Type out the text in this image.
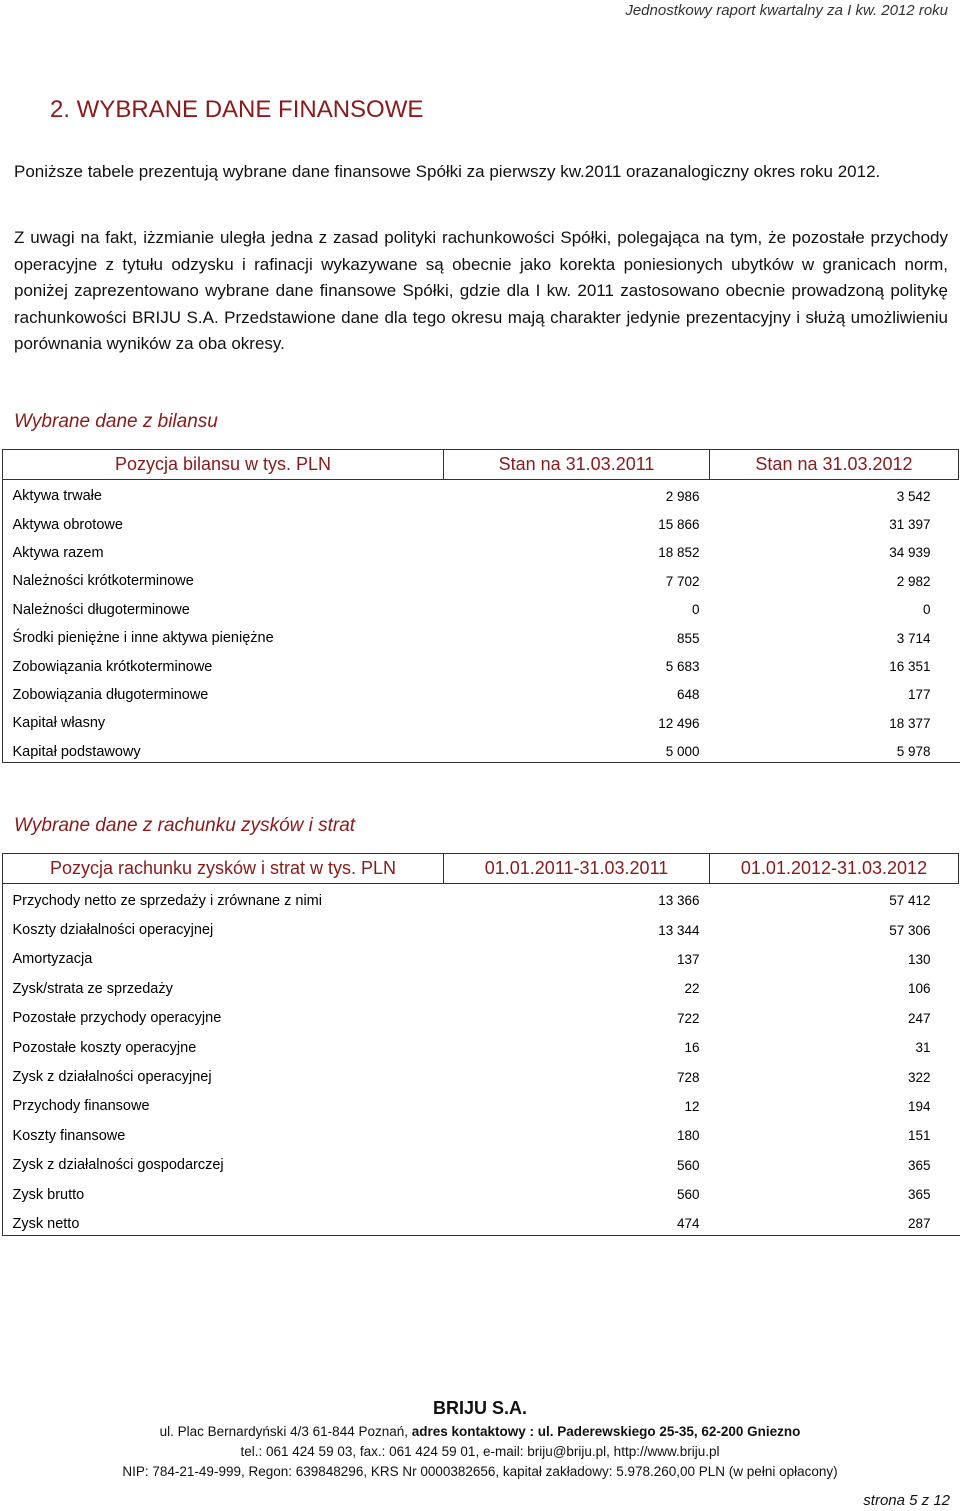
Jednostkowy raport kwartalny za I kw. 2012 roku
2. WYBRANE DANE FINANSOWE
Poniższe tabele prezentują wybrane dane finansowe Spółki za pierwszy kw.2011 orazanalogiczny okres roku 2012.
Z uwagi na fakt, iżzmianie uległa jedna z zasad polityki rachunkowości Spółki, polegająca na tym, że pozostałe przychody operacyjne z tytułu odzysku i rafinacji wykazywane są obecnie jako korekta poniesionych ubytków w granicach norm, poniżej zaprezentowano wybrane dane finansowe Spółki, gdzie dla I kw. 2011 zastosowano obecnie prowadzoną politykę rachunkowości BRIJU S.A. Przedstawione dane dla tego okresu mają charakter jedynie prezentacyjny i służą umożliwieniu porównania wyników za oba okresy.
Wybrane dane z bilansu
Pozycja bilansu w tys. PLN	Stan na 31.03.2011	Stan na 31.03.2012
Aktywa trwałe	2 986	3 542
Aktywa obrotowe	15 866	31 397
Aktywa razem	18 852	34 939
Należności krótkoterminowe	7 702	2 982
Należności długoterminowe	0	0
Środki pieniężne i inne aktywa pieniężne	855	3 714
Zobowiązania krótkoterminowe	5 683	16 351
Zobowiązania długoterminowe	648	177
Kapitał własny	12 496	18 377
Kapitał podstawowy	5 000	5 978
Wybrane dane z rachunku zysków i strat
Pozycja rachunku zysków i strat w tys. PLN	01.01.2011-31.03.2011	01.01.2012-31.03.2012
Przychody netto ze sprzedaży i zrównane z nimi	13 366	57 412
Koszty działalności operacyjnej	13 344	57 306
Amortyzacja	137	130
Zysk/strata ze sprzedaży	22	106
Pozostałe przychody operacyjne	722	247
Pozostałe koszty operacyjne	16	31
Zysk z działalności operacyjnej	728	322
Przychody finansowe	12	194
Koszty finansowe	180	151
Zysk z działalności gospodarczej	560	365
Zysk brutto	560	365
Zysk netto	474	287
BRIJU S.A.
ul. Plac Bernardyński 4/3 61-844 Poznań, adres kontaktowy : ul. Paderewskiego 25-35, 62-200 Gniezno
tel.: 061 424 59 03, fax.: 061 424 59 01, e-mail: briju@briju.pl, http://www.briju.pl
NIP: 784-21-49-999, Regon: 639848296, KRS Nr 0000382656, kapitał zakładowy: 5.978.260,00 PLN (w pełni opłacony)
strona 5 z 12
